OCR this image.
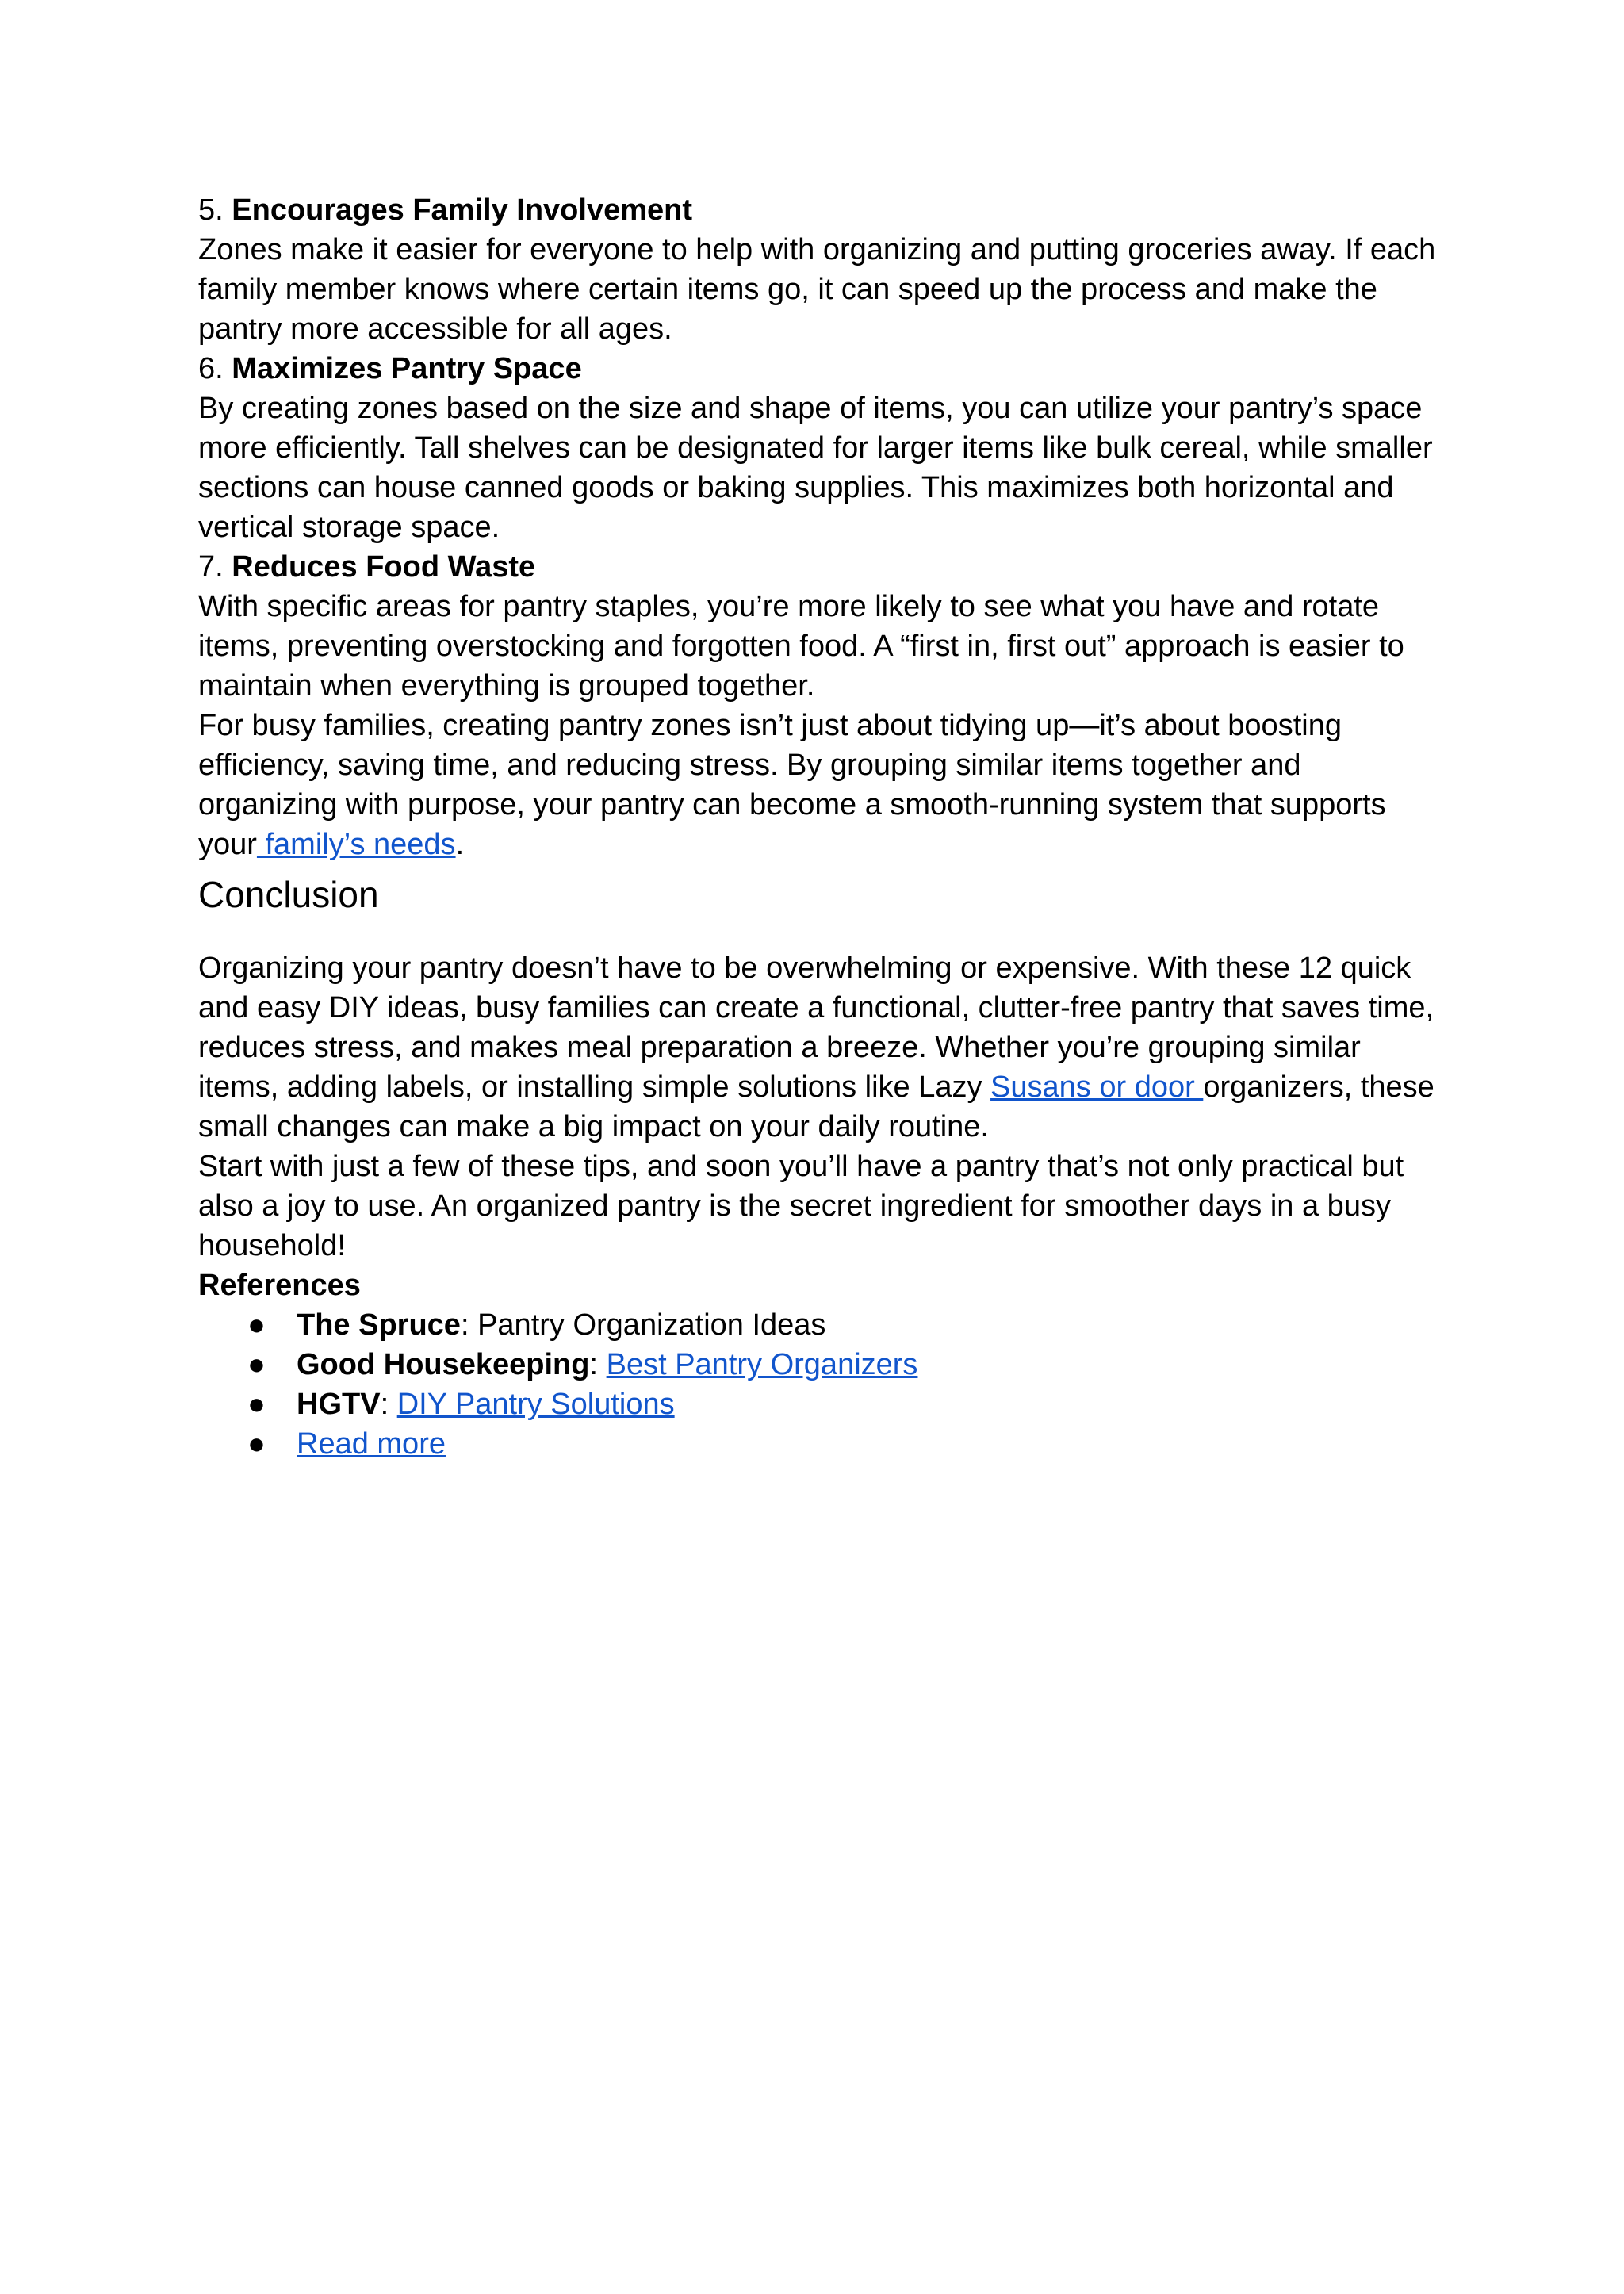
5. Encourages Family Involvement

Zones make it easier for everyone to help with organizing and putting groceries away. If each family member knows where certain items go, it can speed up the process and make the pantry more accessible for all ages.

6. Maximizes Pantry Space

By creating zones based on the size and shape of items, you can utilize your pantry’s space more efficiently. Tall shelves can be designated for larger items like bulk cereal, while smaller sections can house canned goods or baking supplies. This maximizes both horizontal and vertical storage space.

7. Reduces Food Waste

With specific areas for pantry staples, you’re more likely to see what you have and rotate items, preventing overstocking and forgotten food. A “first in, first out” approach is easier to maintain when everything is grouped together.

For busy families, creating pantry zones isn’t just about tidying up—it’s about boosting efficiency, saving time, and reducing stress. By grouping similar items together and organizing with purpose, your pantry can become a smooth-running system that supports your family’s needs.

Conclusion

Organizing your pantry doesn’t have to be overwhelming or expensive. With these 12 quick and easy DIY ideas, busy families can create a functional, clutter-free pantry that saves time, reduces stress, and makes meal preparation a breeze. Whether you’re grouping similar items, adding labels, or installing simple solutions like Lazy Susans or door organizers, these small changes can make a big impact on your daily routine.

Start with just a few of these tips, and soon you’ll have a pantry that’s not only practical but also a joy to use. An organized pantry is the secret ingredient for smoother days in a busy household!

References

● The Spruce: Pantry Organization Ideas
● Good Housekeeping: Best Pantry Organizers
● HGTV: DIY Pantry Solutions
● Read more
